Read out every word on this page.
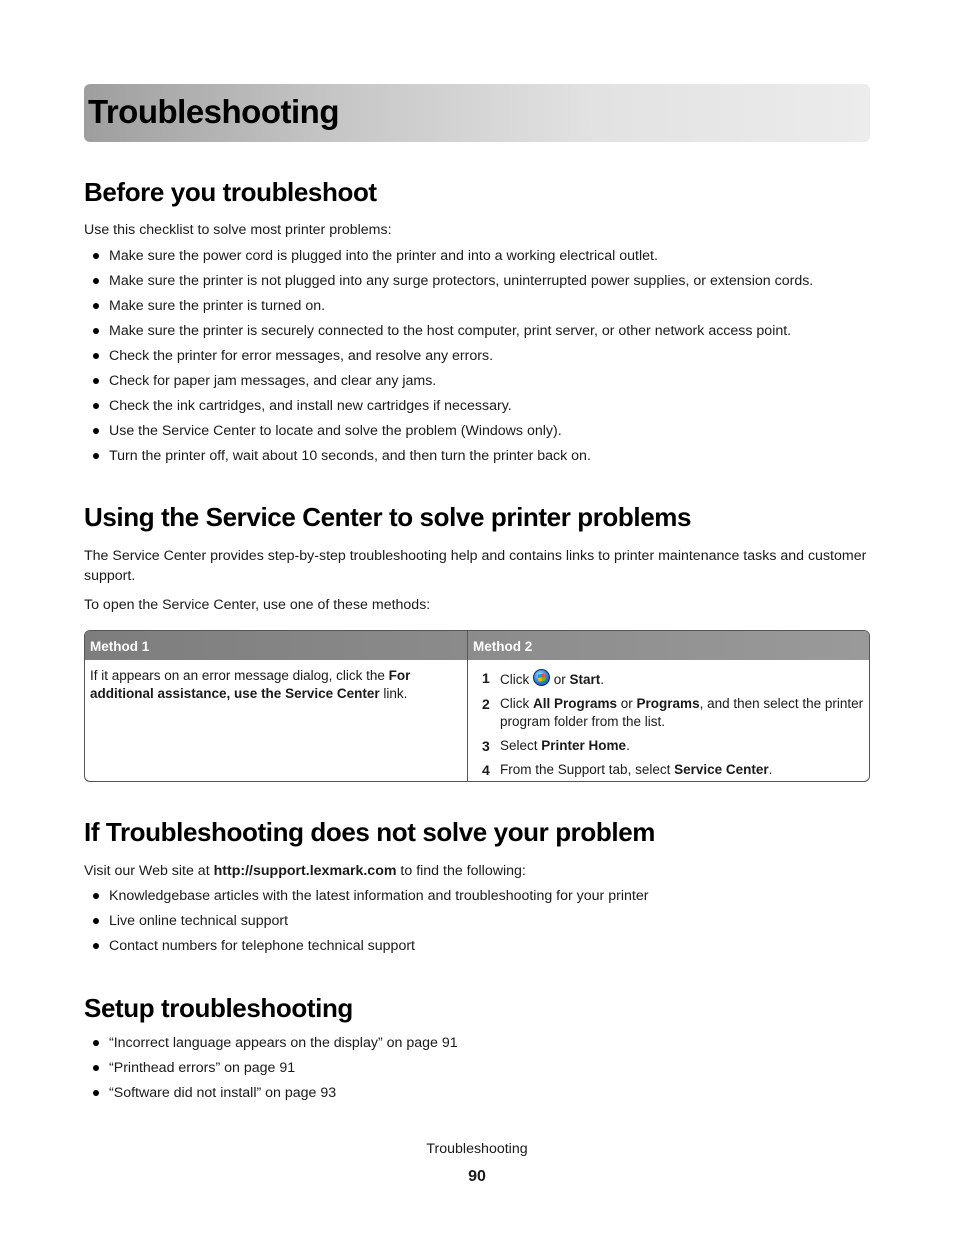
Troubleshooting
Before you troubleshoot

Use this checklist to solve most printer problems:

Make sure the power cord is plugged into the printer and into a working electrical outlet.
Make sure the printer is not plugged into any surge protectors, uninterrupted power supplies, or extension cords.
Make sure the printer is turned on.
Make sure the printer is securely connected to the host computer, print server, or other network access point.
Check the printer for error messages, and resolve any errors.
Check for paper jam messages, and clear any jams.
Check the ink cartridges, and install new cartridges if necessary.
Use the Service Center to locate and solve the problem (Windows only).
Turn the printer off, wait about 10 seconds, and then turn the printer back on.
Using the Service Center to solve printer problems

The Service Center provides step-by-step troubleshooting help and contains links to printer maintenance tasks and customer support.

To open the Service Center, use one of these methods:

Method 1	Method 2
If it appears on an error message dialog, click the For additional assistance, use the Service Center link.
1 Click  or Start.
2 Click All Programs or Programs, and then select the printer program folder from the list.
3 Select Printer Home.
4 From the Support tab, select Service Center.
If Troubleshooting does not solve your problem

Visit our Web site at http://support.lexmark.com to find the following:

Knowledgebase articles with the latest information and troubleshooting for your printer
Live online technical support
Contact numbers for telephone technical support
Setup troubleshooting
“Incorrect language appears on the display” on page 91
“Printhead errors” on page 91
“Software did not install” on page 93
Troubleshooting
90
